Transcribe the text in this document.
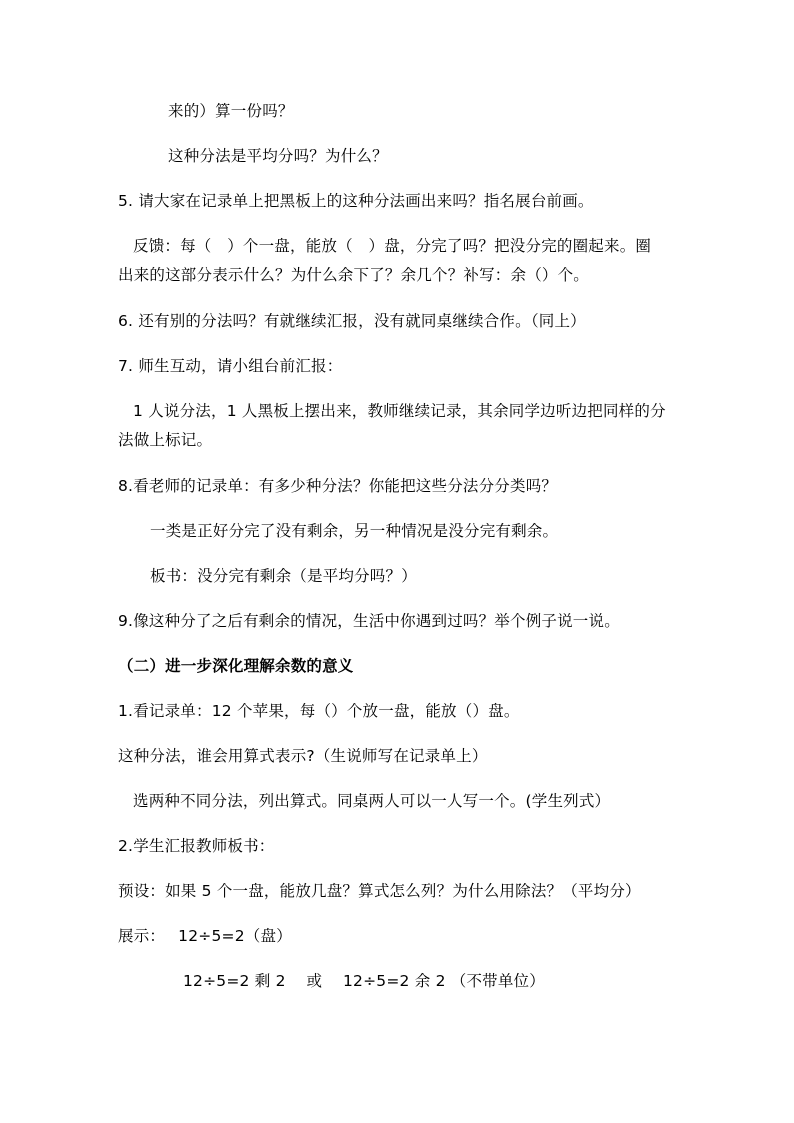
来的）算一份吗？
这种分法是平均分吗？为什么？
5. 请大家在记录单上把黑板上的这种分法画出来吗？指名展台前画。
反馈：每（　）个一盘，能放（　）盘，分完了吗？把没分完的圈起来。圈
出来的这部分表示什么？为什么余下了？余几个？补写：余（）个。
6. 还有别的分法吗？有就继续汇报，没有就同桌继续合作。（同上）
7. 师生互动，请小组台前汇报：
1 人说分法，1 人黑板上摆出来，教师继续记录，其余同学边听边把同样的分
法做上标记。
8.看老师的记录单：有多少种分法？你能把这些分法分分类吗？
一类是正好分完了没有剩余，另一种情况是没分完有剩余。
板书：没分完有剩余（是平均分吗？）
9.像这种分了之后有剩余的情况，生活中你遇到过吗？举个例子说一说。
（二）进一步深化理解余数的意义
1.看记录单：12 个苹果，每（）个放一盘，能放（）盘。
这种分法，谁会用算式表示?（生说师写在记录单上）
选两种不同分法，列出算式。同桌两人可以一人写一个。(学生列式）
2.学生汇报教师板书：
预设：如果 5 个一盘，能放几盘？算式怎么列？为什么用除法？（平均分）
展示：　 12÷5=2（盘）
12÷5=2 剩 2　 或　 12÷5=2 余 2 （不带单位）
